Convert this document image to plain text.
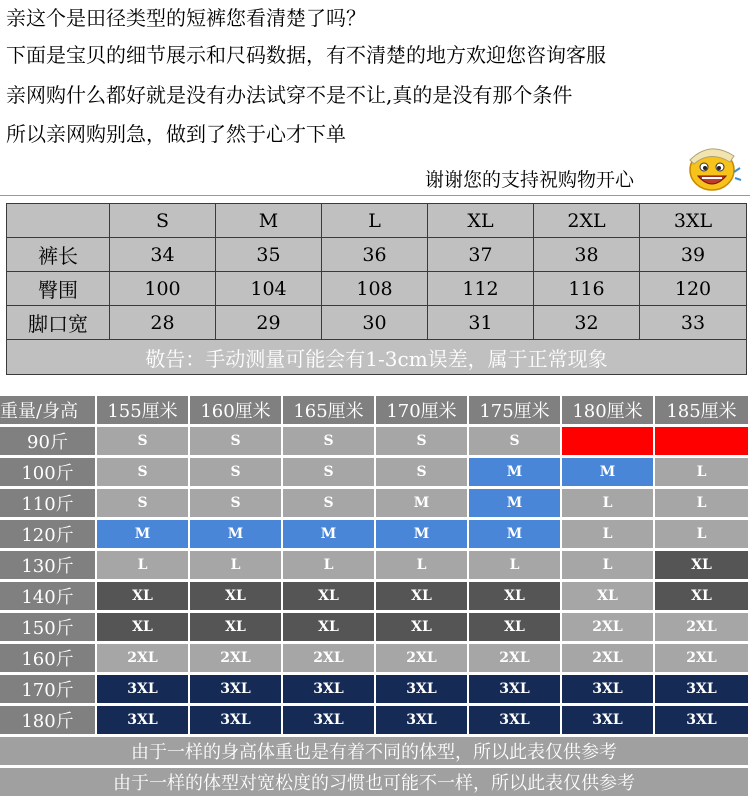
亲这个是田径类型的短裤您看清楚了吗？
下面是宝贝的细节展示和尺码数据，有不清楚的地方欢迎您咨询客服
亲网购什么都好就是没有办法试穿不是不让,真的是没有那个条件
所以亲网购别急，做到了然于心才下单
谢谢您的支持祝购物开心
	S	M	L	XL	2XL	3XL
裤长	34	35	36	37	38	39
臀围	100	104	108	112	116	120
脚口宽	28	29	30	31	32	33
敬告：手动测量可能会有1-3cm误差，属于正常现象						
重量/身高	155厘米	160厘米	165厘米	170厘米	175厘米	180厘米	185厘米
90斤	S	S	S	S	S		
100斤	S	S	S	S	M	M	L
110斤	S	S	S	M	M	L	L
120斤	M	M	M	M	M	L	L
130斤	L	L	L	L	L	L	XL
140斤	XL	XL	XL	XL	XL	XL	XL
150斤	XL	XL	XL	XL	XL	2XL	2XL
160斤	2XL	2XL	2XL	2XL	2XL	2XL	2XL
170斤	3XL	3XL	3XL	3XL	3XL	3XL	3XL
180斤	3XL	3XL	3XL	3XL	3XL	3XL	3XL
由于一样的身高体重也是有着不同的体型，所以此表仅供参考							
由于一样的体型对宽松度的习惯也可能不一样，所以此表仅供参考							
